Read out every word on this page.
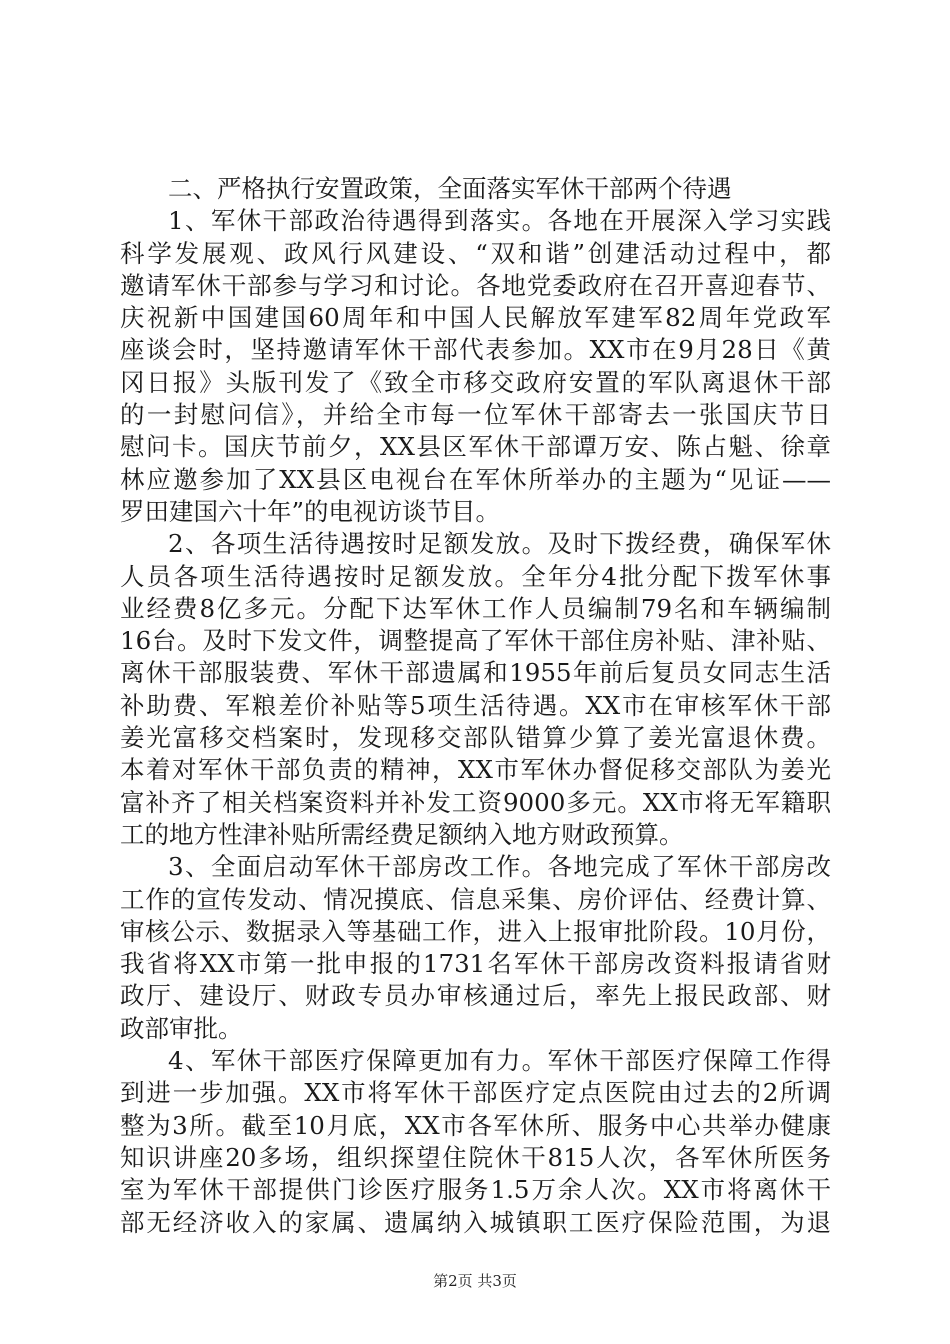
二、严格执行安置政策，全面落实军休干部两个待遇
1、军休干部政治待遇得到落实。各地在开展深入学习实践
科学发展观、政风行风建设、“双和谐”创建活动过程中，都
邀请军休干部参与学习和讨论。各地党委政府在召开喜迎春节、
庆祝新中国建国60周年和中国人民解放军建军82周年党政军
座谈会时，坚持邀请军休干部代表参加。XX市在9月28日《黄
冈日报》头版刊发了《致全市移交政府安置的军队离退休干部
的一封慰问信》，并给全市每一位军休干部寄去一张国庆节日
慰问卡。国庆节前夕，XX县区军休干部谭万安、陈占魁、徐章
林应邀参加了XX县区电视台在军休所举办的主题为“见证——
罗田建国六十年”的电视访谈节目。
2、各项生活待遇按时足额发放。及时下拨经费，确保军休
人员各项生活待遇按时足额发放。全年分4批分配下拨军休事
业经费8亿多元。分配下达军休工作人员编制79名和车辆编制
16台。及时下发文件，调整提高了军休干部住房补贴、津补贴、
离休干部服装费、军休干部遗属和1955年前后复员女同志生活
补助费、军粮差价补贴等5项生活待遇。XX市在审核军休干部
姜光富移交档案时，发现移交部队错算少算了姜光富退休费。
本着对军休干部负责的精神，XX市军休办督促移交部队为姜光
富补齐了相关档案资料并补发工资9000多元。XX市将无军籍职
工的地方性津补贴所需经费足额纳入地方财政预算。
3、全面启动军休干部房改工作。各地完成了军休干部房改
工作的宣传发动、情况摸底、信息采集、房价评估、经费计算、
审核公示、数据录入等基础工作，进入上报审批阶段。10月份，
我省将XX市第一批申报的1731名军休干部房改资料报请省财
政厅、建设厅、财政专员办审核通过后，率先上报民政部、财
政部审批。
4、军休干部医疗保障更加有力。军休干部医疗保障工作得
到进一步加强。XX市将军休干部医疗定点医院由过去的2所调
整为3所。截至10月底，XX市各军休所、服务中心共举办健康
知识讲座20多场，组织探望住院休干815人次，各军休所医务
室为军休干部提供门诊医疗服务1.5万余人次。XX市将离休干
部无经济收入的家属、遗属纳入城镇职工医疗保险范围，为退
第2页 共3页
